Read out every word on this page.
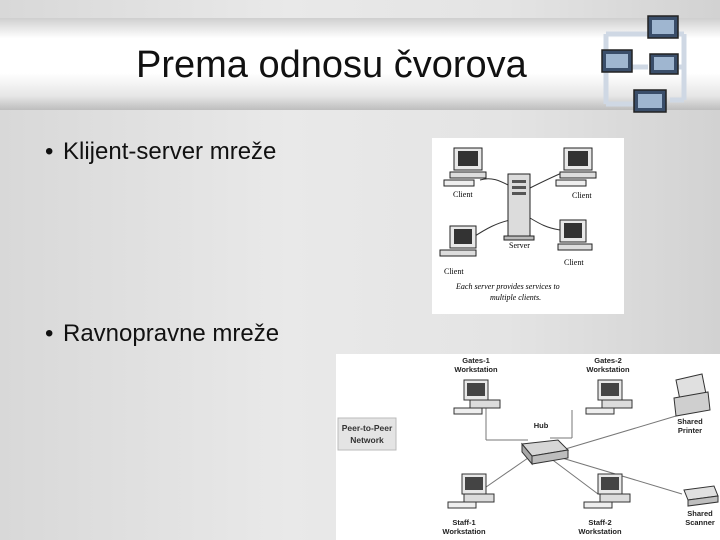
Prema odnosu čvorova
• Klijent-server mreže
• Ravnopravne mreže
Client	Client
Server
Client
Client
Each server provides services to
multiple clients.
Peer-to-Peer
Network
Gates-1
Workstation
Gates-2
Workstation
Hub	Shared
Printer
Staff-1
Workstation
Staff-2
Workstation
Shared
Scanner
